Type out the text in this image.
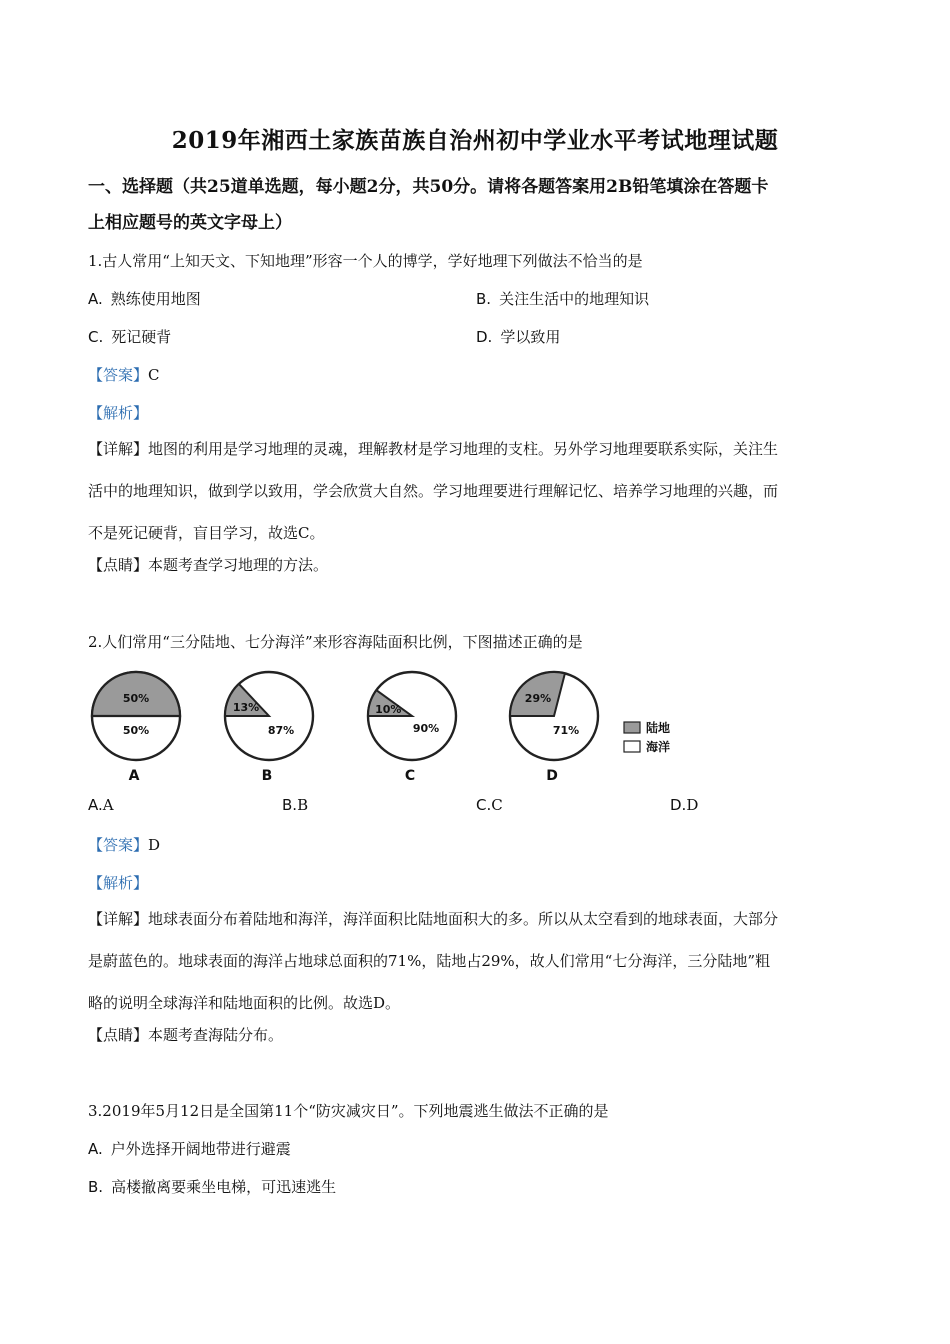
2019年湘西土家族苗族自治州初中学业水平考试地理试题
一、选择题（共25道单选题，每小题2分，共50分。请将各题答案用2B铅笔填涂在答题卡
上相应题号的英文字母上）
1.古人常用“上知天文、下知地理”形容一个人的博学，学好地理下列做法不恰当的是
A. 熟练使用地图	B. 关注生活中的地理知识
C. 死记硬背	D. 学以致用
【答案】C
【解析】
【详解】地图的利用是学习地理的灵魂，理解教材是学习地理的支柱。另外学习地理要联系实际，关注生
活中的地理知识，做到学以致用，学会欣赏大自然。学习地理要进行理解记忆、培养学习地理的兴趣，而
不是死记硬背，盲目学习，故选C。
【点睛】本题考查学习地理的方法。
2.人们常用“三分陆地、七分海洋”来形容海陆面积比例，下图描述正确的是
50%
50%
A
13%
87%
B
10%
90%
C
29%
71%
D
陆地
海洋
A.A	B.B	C.C	D.D
【答案】D
【解析】
【详解】地球表面分布着陆地和海洋，海洋面积比陆地面积大的多。所以从太空看到的地球表面，大部分
是蔚蓝色的。地球表面的海洋占地球总面积的71%，陆地占29%，故人们常用“七分海洋，三分陆地”粗
略的说明全球海洋和陆地面积的比例。故选D。
【点睛】本题考查海陆分布。
3.2019年5月12日是全国第11个“防灾减灾日”。下列地震逃生做法不正确的是
A. 户外选择开阔地带进行避震
B. 高楼撤离要乘坐电梯，可迅速逃生
